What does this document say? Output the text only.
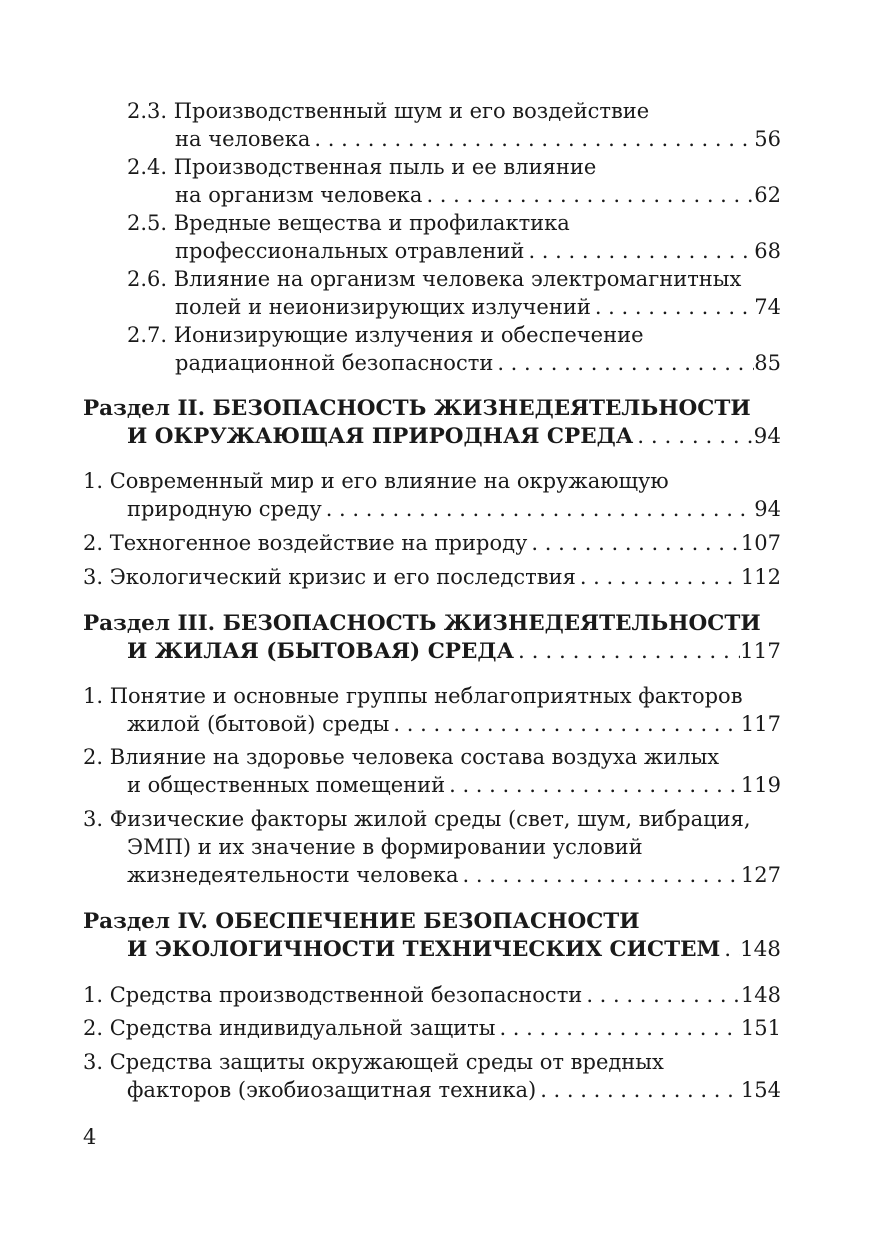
2.3. Производственный шум и его воздействие
на человека . . .	56
2.4. Производственная пыль и ее влияние
на организм человека . . .	62
2.5. Вредные вещества и профилактика
профессиональных отравлений . . .	68
2.6. Влияние на организм человека электромагнитных
полей и неионизирующих излучений . . .	74
2.7. Ионизирующие излучения и обеспечение
радиационной безопасности . . .	85
Раздел II. БЕЗОПАСНОСТЬ ЖИЗНЕДЕЯТЕЛЬНОСТИ
И ОКРУЖАЮЩАЯ ПРИРОДНАЯ СРЕДА . . .	94
1. Современный мир и его влияние на окружающую
природную среду . . .	94
2. Техногенное воздействие на природу . . .	107
3. Экологический кризис и его последствия . . .	112
Раздел III. БЕЗОПАСНОСТЬ ЖИЗНЕДЕЯТЕЛЬНОСТИ
И ЖИЛАЯ (БЫТОВАЯ) СРЕДА . . .	117
1. Понятие и основные группы неблагоприятных факторов
жилой (бытовой) среды . . .	117
2. Влияние на здоровье человека состава воздуха жилых
и общественных помещений . . .	119
3. Физические факторы жилой среды (свет, шум, вибрация,
ЭМП) и их значение в формировании условий
жизнедеятельности человека . . .	127
Раздел IV. ОБЕСПЕЧЕНИЕ БЕЗОПАСНОСТИ
И ЭКОЛОГИЧНОСТИ ТЕХНИЧЕСКИХ СИСТЕМ . . . 148
1. Средства производственной безопасности . . .	148
2. Средства индивидуальной защиты . . .	151
3. Средства защиты окружающей среды от вредных
факторов (экобиозащитная техника) . . .	154
4
